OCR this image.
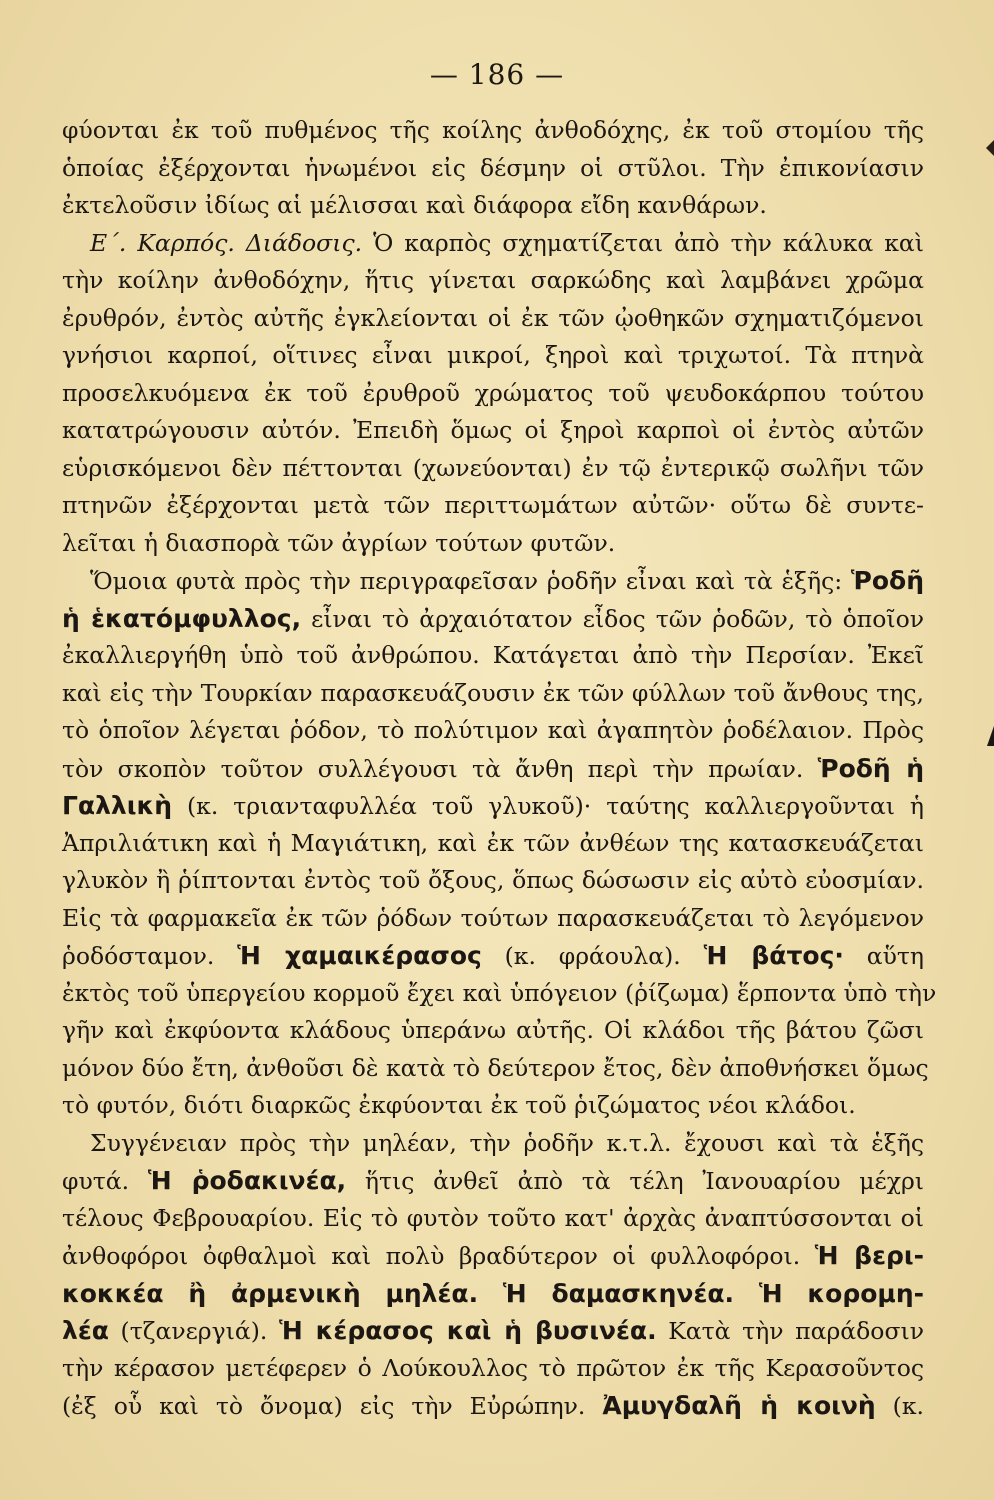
— 186 —
φύονται ἐκ τοῦ πυθμένος τῆς κοίλης ἀνθοδόχης, ἐκ τοῦ στομίου τῆς
ὁποίας ἐξέρχονται ἡνωμένοι εἰς δέσμην οἱ στῦλοι. Τὴν ἐπικονίασιν
ἐκτελοῦσιν ἰδίως αἱ μέλισσαι καὶ διάφορα εἴδη κανθάρων.
Ε΄. Καρπός. Διάδοσις. Ὁ καρπὸς σχηματίζεται ἀπὸ τὴν κάλυκα καὶ
τὴν κοίλην ἀνθοδόχην, ἥτις γίνεται σαρκώδης καὶ λαμβάνει χρῶμα
ἐρυθρόν, ἐντὸς αὐτῆς ἐγκλείονται οἱ ἐκ τῶν ᾠοθηκῶν σχηματιζόμενοι
γνήσιοι καρποί, οἵτινες εἶναι μικροί, ξηροὶ καὶ τριχωτοί. Τὰ πτηνὰ
προσελκυόμενα ἐκ τοῦ ἐρυθροῦ χρώματος τοῦ ψευδοκάρπου τούτου
κατατρώγουσιν αὐτόν. Ἐπειδὴ ὅμως οἱ ξηροὶ καρποὶ οἱ ἐντὸς αὐτῶν
εὑρισκόμενοι δὲν πέττονται (χωνεύονται) ἐν τῷ ἐντερικῷ σωλῆνι τῶν
πτηνῶν ἐξέρχονται μετὰ τῶν περιττωμάτων αὐτῶν· οὕτω δὲ συντε-
λεῖται ἡ διασπορὰ τῶν ἀγρίων τούτων φυτῶν.
Ὅμοια φυτὰ πρὸς τὴν περιγραφεῖσαν ῥοδῆν εἶναι καὶ τὰ ἑξῆς: Ῥοδῆ
ἡ ἑκατόμφυλλος, εἶναι τὸ ἀρχαιότατον εἶδος τῶν ῥοδῶν, τὸ ὁποῖον
ἐκαλλιεργήθη ὑπὸ τοῦ ἀνθρώπου. Κατάγεται ἀπὸ τὴν Περσίαν. Ἐκεῖ
καὶ εἰς τὴν Τουρκίαν παρασκευάζουσιν ἐκ τῶν φύλλων τοῦ ἄνθους της,
τὸ ὁποῖον λέγεται ῥόδον, τὸ πολύτιμον καὶ ἀγαπητὸν ῥοδέλαιον. Πρὸς
τὸν σκοπὸν τοῦτον συλλέγουσι τὰ ἄνθη περὶ τὴν πρωίαν. Ῥοδῆ ἡ
Γαλλικὴ (κ. τριανταφυλλέα τοῦ γλυκοῦ)· ταύτης καλλιεργοῦνται ἡ
Ἀπριλιάτικη καὶ ἡ Μαγιάτικη, καὶ ἐκ τῶν ἀνθέων της κατασκευάζεται
γλυκὸν ἢ ῥίπτονται ἐντὸς τοῦ ὄξους, ὅπως δώσωσιν εἰς αὐτὸ εὐοσμίαν.
Εἰς τὰ φαρμακεῖα ἐκ τῶν ῥόδων τούτων παρασκευάζεται τὸ λεγόμενον
ῥοδόσταμον. Ἡ χαμαικέρασος (κ. φράουλα). Ἡ βάτος· αὕτη
ἐκτὸς τοῦ ὑπεργείου κορμοῦ ἔχει καὶ ὑπόγειον (ῥίζωμα) ἕρποντα ὑπὸ τὴν
γῆν καὶ ἐκφύοντα κλάδους ὑπεράνω αὐτῆς. Οἱ κλάδοι τῆς βάτου ζῶσι
μόνον δύο ἔτη, ἀνθοῦσι δὲ κατὰ τὸ δεύτερον ἔτος, δὲν ἀποθνήσκει ὅμως
τὸ φυτόν, διότι διαρκῶς ἐκφύονται ἐκ τοῦ ῥιζώματος νέοι κλάδοι.
Συγγένειαν πρὸς τὴν μηλέαν, τὴν ῥοδῆν κ.τ.λ. ἔχουσι καὶ τὰ ἑξῆς
φυτά. Ἡ ῥοδακινέα, ἥτις ἀνθεῖ ἀπὸ τὰ τέλη Ἰανουαρίου μέχρι
τέλους Φεβρουαρίου. Εἰς τὸ φυτὸν τοῦτο κατ' ἀρχὰς ἀναπτύσσονται οἱ
ἀνθοφόροι ὀφθαλμοὶ καὶ πολὺ βραδύτερον οἱ φυλλοφόροι. Ἡ βερι-
κοκκέα ἢ ἀρμενικὴ μηλέα. Ἡ δαμασκηνέα. Ἡ κορομη-
λέα (τζανεργιά). Ἡ κέρασος καὶ ἡ βυσινέα. Κατὰ τὴν παράδοσιν
τὴν κέρασον μετέφερεν ὁ Λούκουλλος τὸ πρῶτον ἐκ τῆς Κερασοῦντος
(ἐξ οὗ καὶ τὸ ὄνομα) εἰς τὴν Εὐρώπην. Ἀμυγδαλῆ ἡ κοινὴ (κ.
